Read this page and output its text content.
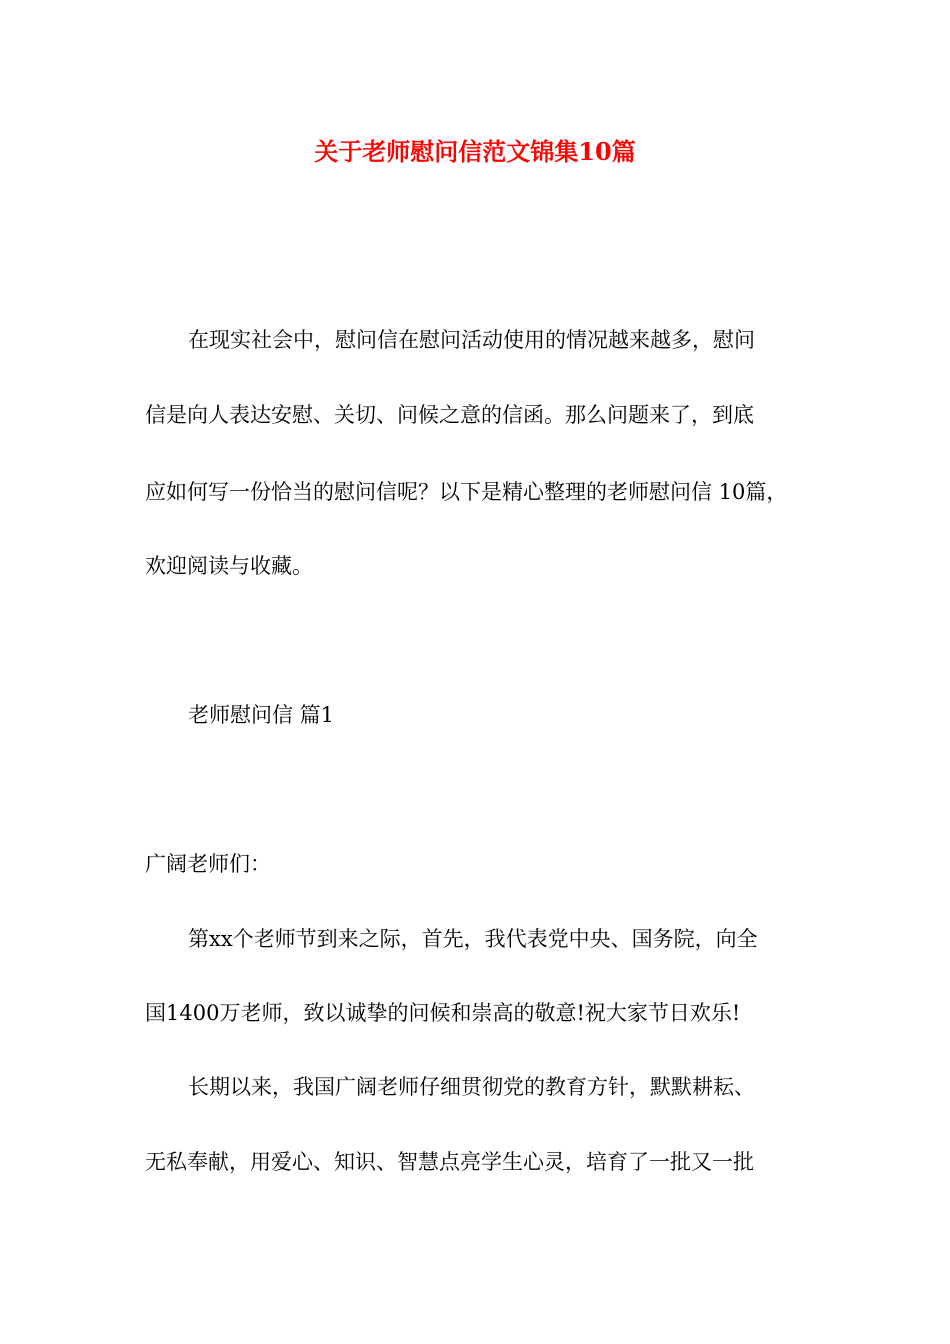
关于老师慰问信范文锦集10篇
在现实社会中，慰问信在慰问活动使用的情况越来越多，慰问
信是向人表达安慰、关切、问候之意的信函。那么问题来了，到底
应如何写一份恰当的慰问信呢？以下是精心整理的老师慰问信 10篇，
欢迎阅读与收藏。
老师慰问信 篇1
广阔老师们：
第xx个老师节到来之际，首先，我代表党中央、国务院，向全
国1400万老师，致以诚挚的问候和崇高的敬意!祝大家节日欢乐!
长期以来，我国广阔老师仔细贯彻党的教育方针，默默耕耘、
无私奉献，用爱心、知识、智慧点亮学生心灵，培育了一批又一批
